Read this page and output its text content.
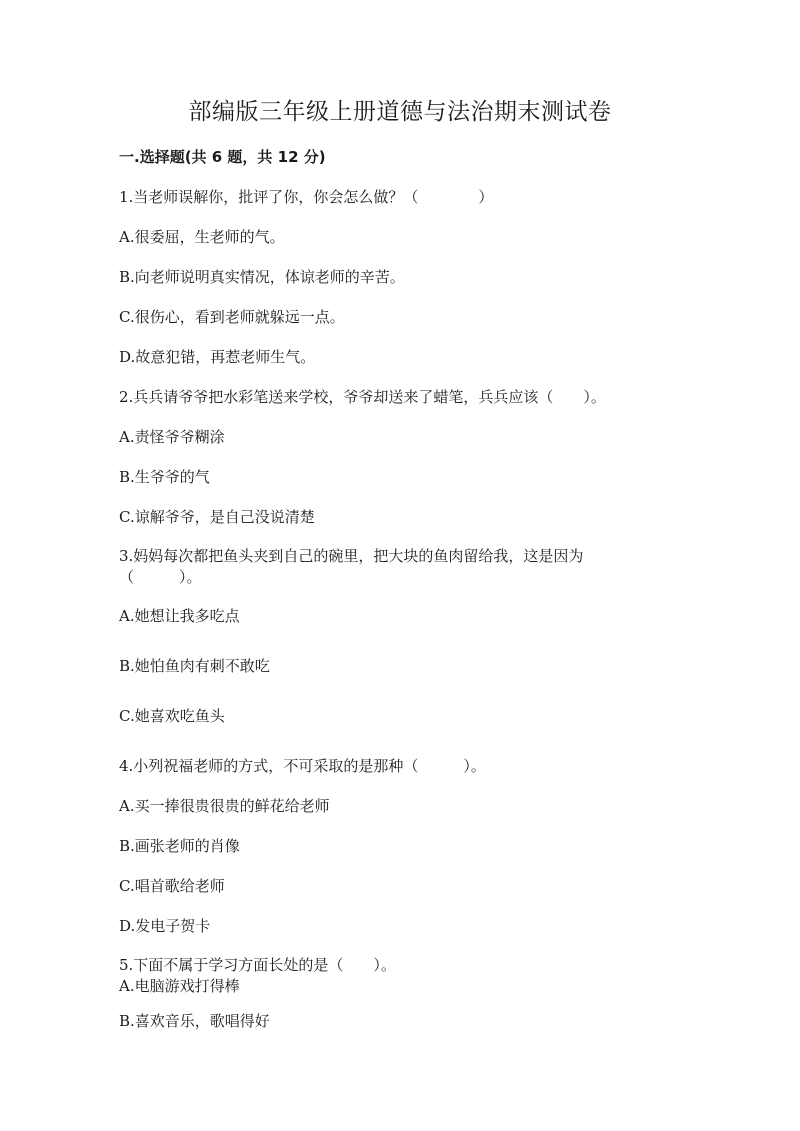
部编版三年级上册道德与法治期末测试卷
一.选择题(共 6 题，共 12 分)
1.当老师误解你，批评了你，你会怎么做？（　　　　）
A.很委屈，生老师的气。
B.向老师说明真实情况，体谅老师的辛苦。
C.很伤心，看到老师就躲远一点。
D.故意犯错，再惹老师生气。
2.兵兵请爷爷把水彩笔送来学校，爷爷却送来了蜡笔，兵兵应该（　　）。
A.责怪爷爷糊涂
B.生爷爷的气
C.谅解爷爷，是自己没说清楚
3.妈妈每次都把鱼头夹到自己的碗里，把大块的鱼肉留给我，这是因为
（　　　）。
A.她想让我多吃点
B.她怕鱼肉有刺不敢吃
C.她喜欢吃鱼头
4.小列祝福老师的方式，不可采取的是那种（　　　）。
A.买一捧很贵很贵的鲜花给老师
B.画张老师的肖像
C.唱首歌给老师
D.发电子贺卡
5.下面不属于学习方面长处的是（　　）。
A.电脑游戏打得棒
B.喜欢音乐，歌唱得好
